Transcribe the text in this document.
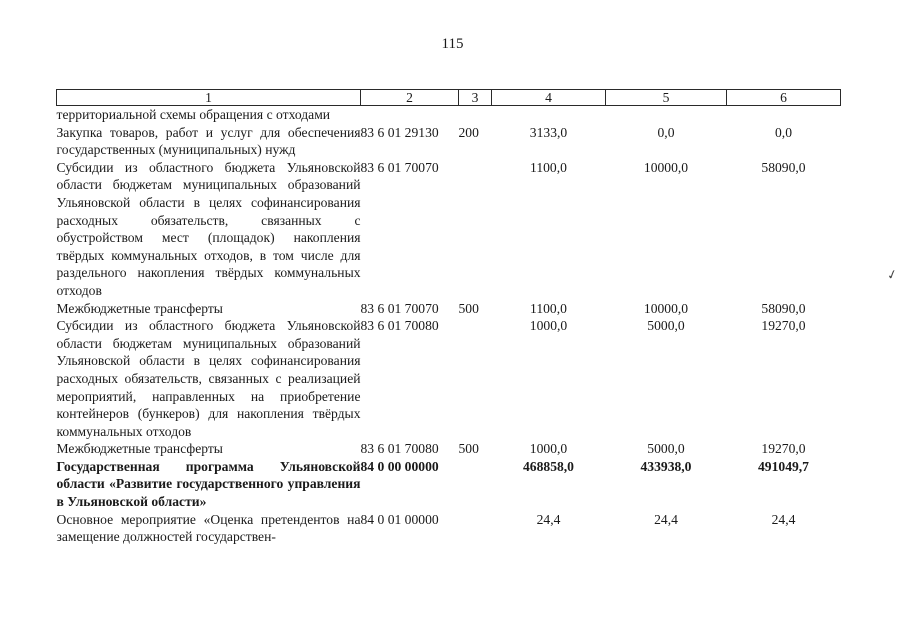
115
1	2	3	4	5	6
территориальной схемы обращения с отходами					
Закупка товаров, работ и услуг для обеспечения государственных (муниципальных) нужд	83 6 01 29130	200	3133,0	0,0	0,0
Субсидии из областного бюджета Ульяновской области бюджетам муниципальных образований Ульяновской области в целях софинансирования расходных обязательств, связанных с обустройством мест (площадок) накопления твёрдых коммунальных отходов, в том числе для раздельного накопления твёрдых коммунальных отходов	83 6 01 70070		1100,0	10000,0	58090,0
Межбюджетные трансферты	83 6 01 70070	500	1100,0	10000,0	58090,0
Субсидии из областного бюджета Ульяновской области бюджетам муниципальных образований Ульяновской области в целях софинансирования расходных обязательств, связанных с реализацией мероприятий, направленных на приобретение контейнеров (бункеров) для накопления твёрдых коммунальных отходов	83 6 01 70080		1000,0	5000,0	19270,0
Межбюджетные трансферты	83 6 01 70080	500	1000,0	5000,0	19270,0
Государственная программа Ульяновской области «Развитие государственного управления в Ульяновской области»	84 0 00 00000		468858,0	433938,0	491049,7
Основное мероприятие «Оценка претендентов на замещение должностей государствен-	84 0 01 00000		24,4	24,4	24,4
✓
